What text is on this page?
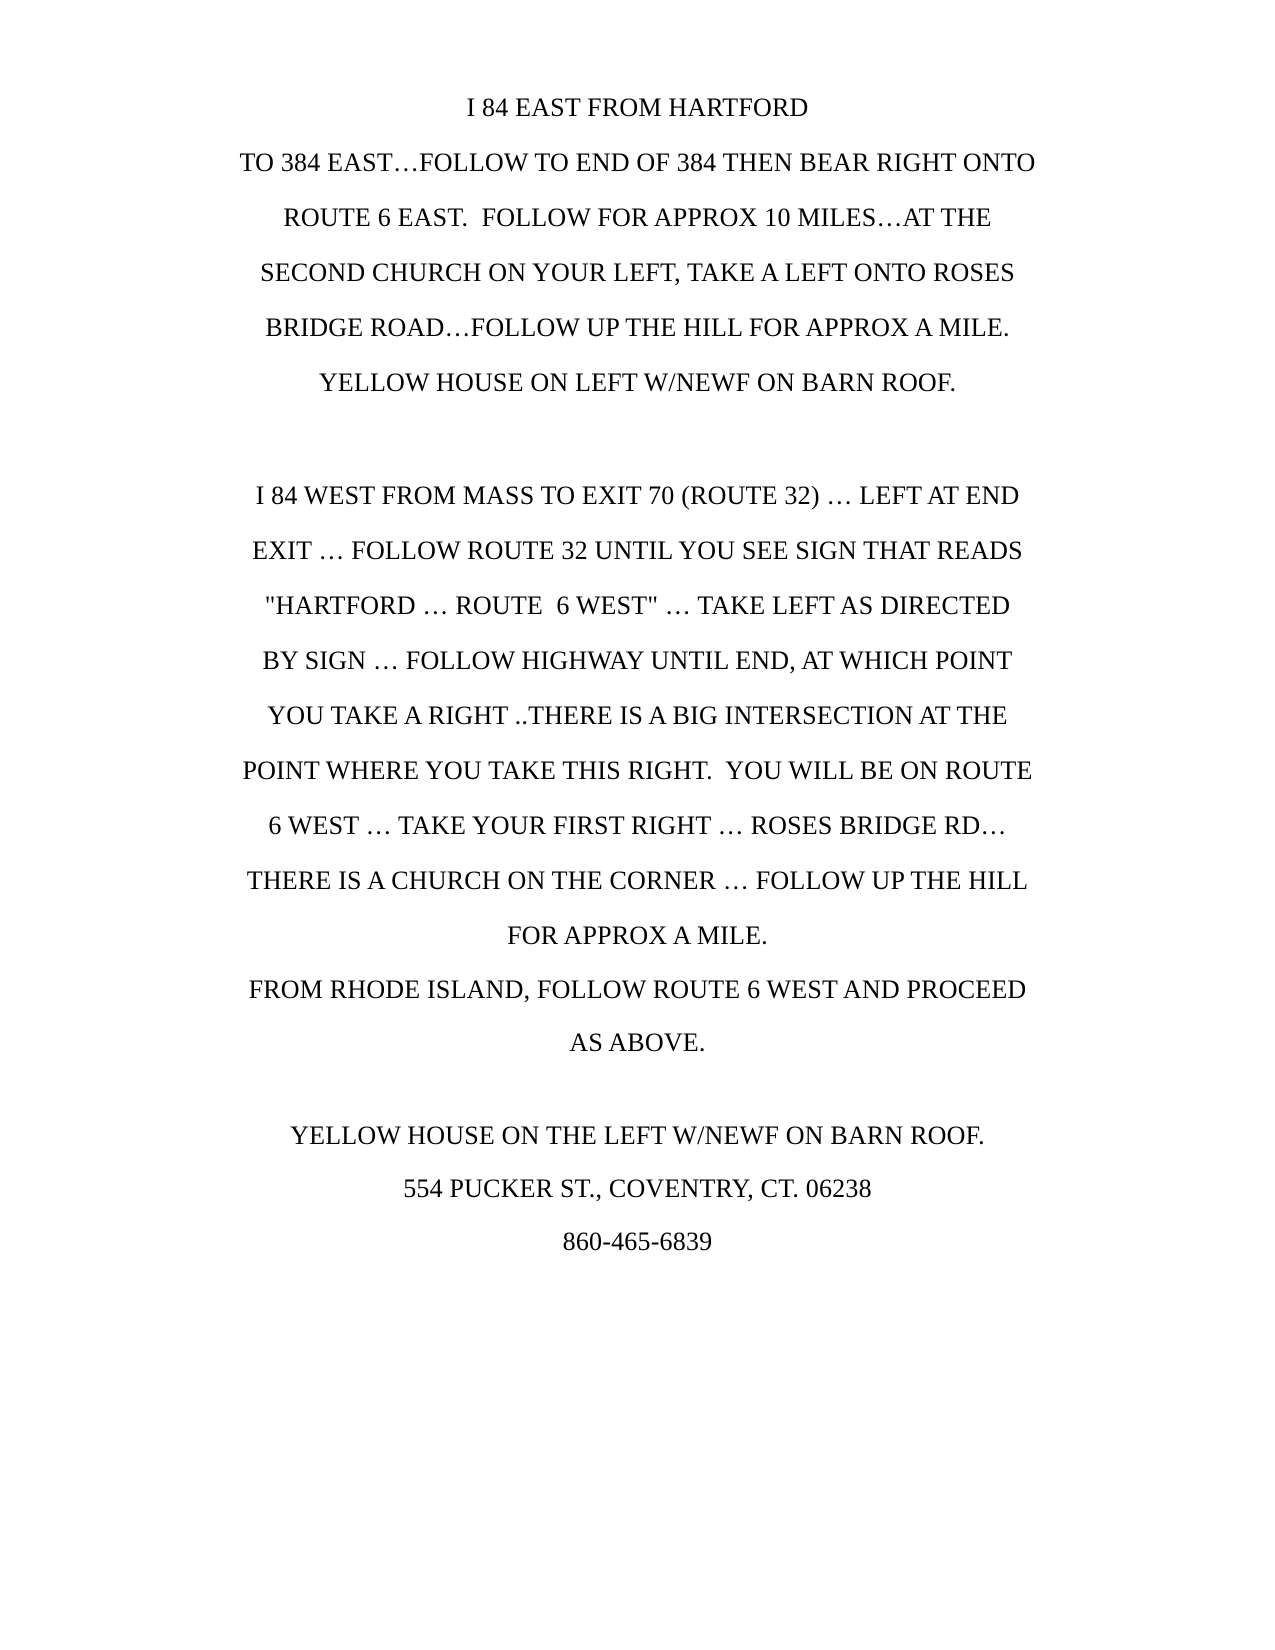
I 84 EAST FROM HARTFORD
TO 384 EAST…FOLLOW TO END OF 384 THEN BEAR RIGHT ONTO
ROUTE 6 EAST.  FOLLOW FOR APPROX 10 MILES…AT THE
SECOND CHURCH ON YOUR LEFT, TAKE A LEFT ONTO ROSES
BRIDGE ROAD…FOLLOW UP THE HILL FOR APPROX A MILE.
YELLOW HOUSE ON LEFT W/NEWF ON BARN ROOF.
I 84 WEST FROM MASS TO EXIT 70 (ROUTE 32) … LEFT AT END
EXIT … FOLLOW ROUTE 32 UNTIL YOU SEE SIGN THAT READS
"HARTFORD … ROUTE  6 WEST" … TAKE LEFT AS DIRECTED
BY SIGN … FOLLOW HIGHWAY UNTIL END, AT WHICH POINT
YOU TAKE A RIGHT ..THERE IS A BIG INTERSECTION AT THE
POINT WHERE YOU TAKE THIS RIGHT.  YOU WILL BE ON ROUTE
6 WEST … TAKE YOUR FIRST RIGHT … ROSES BRIDGE RD…
THERE IS A CHURCH ON THE CORNER … FOLLOW UP THE HILL
FOR APPROX A MILE.
FROM RHODE ISLAND, FOLLOW ROUTE 6 WEST AND PROCEED
AS ABOVE.
YELLOW HOUSE ON THE LEFT W/NEWF ON BARN ROOF.
554 PUCKER ST., COVENTRY, CT. 06238
860-465-6839
